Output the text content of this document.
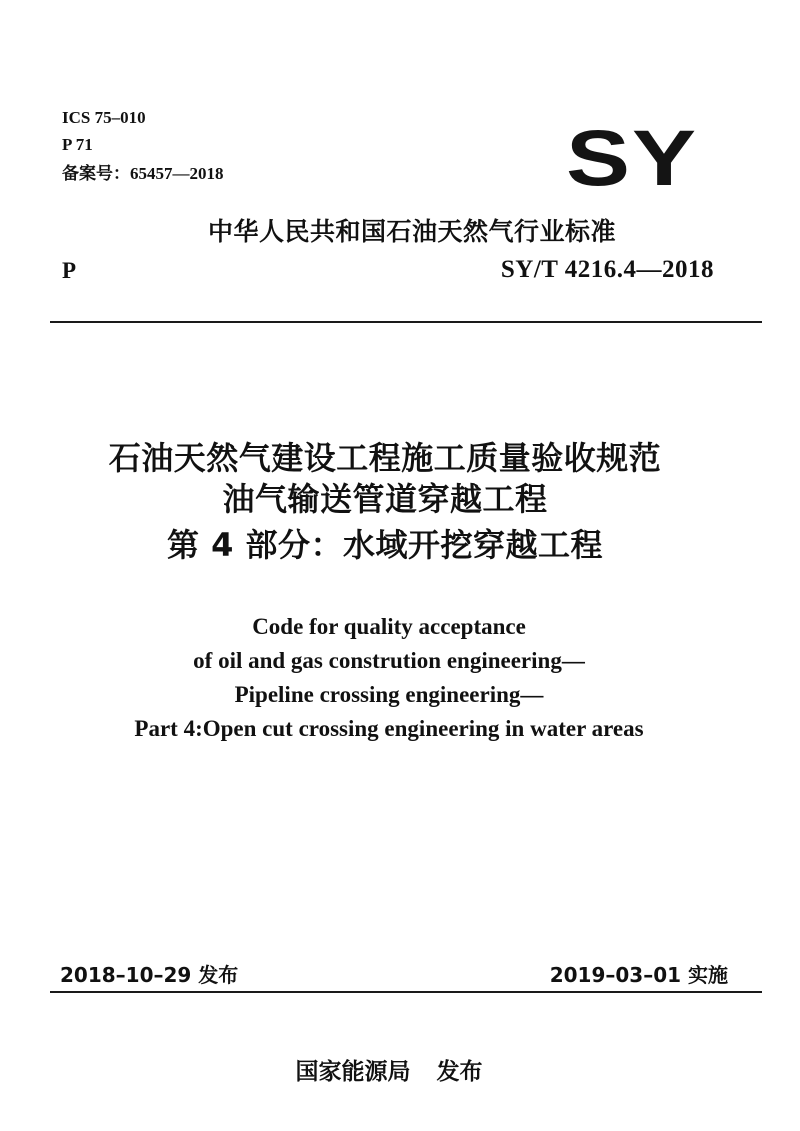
ICS 75–010
P 71
备案号：65457—2018	SY
中华人民共和国石油天然气行业标准
P	SY/T 4216.4—2018
石油天然气建设工程施工质量验收规范
油气输送管道穿越工程
第 4 部分：水域开挖穿越工程
Code for quality acceptance
of oil and gas constrution engineering—
Pipeline crossing engineering—
Part 4:Open cut crossing engineering in water areas
2018–10–29 发布	2019–03–01 实施
国家能源局 发布
